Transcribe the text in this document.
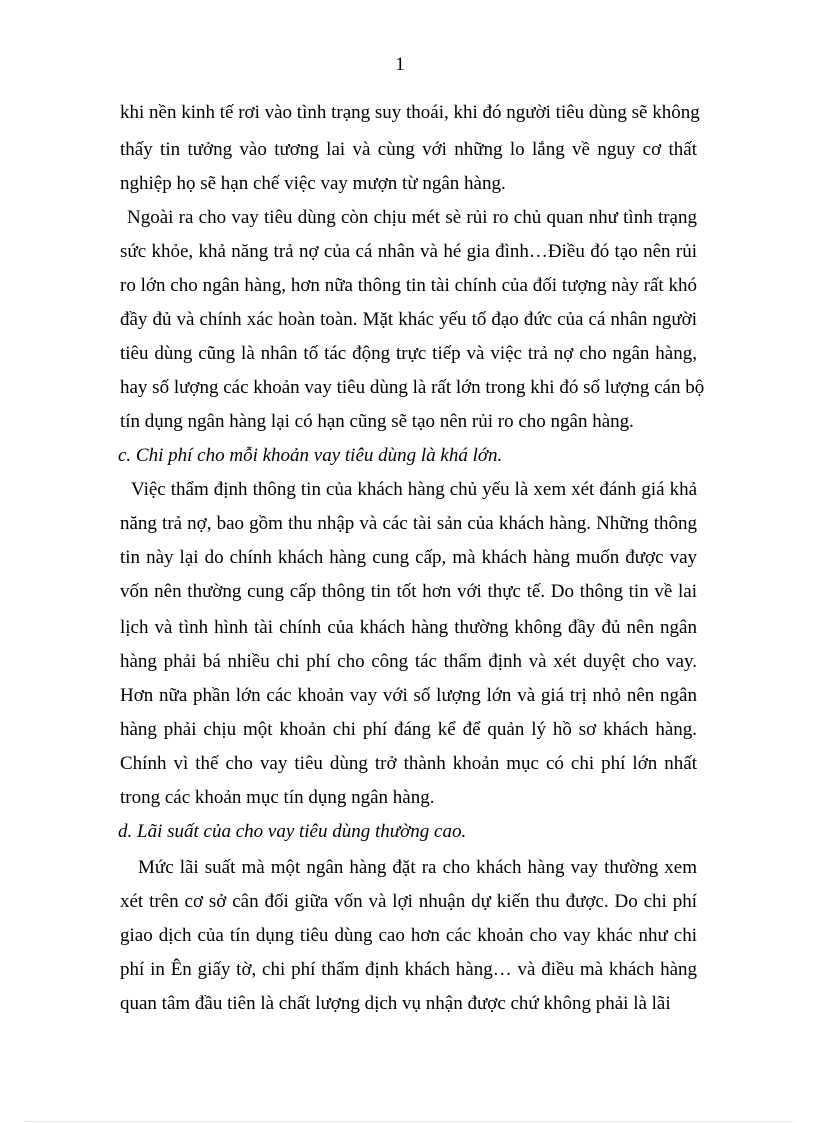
1
khi nền kinh tế rơi vào tình trạng suy thoái, khi đó người tiêu dùng sẽ không
thấy tin tưởng vào tương lai và cùng với những lo lắng về nguy cơ thất
nghiệp họ sẽ hạn chế việc vay mượn từ ngân hàng.
Ngoài ra cho vay tiêu dùng còn chịu mét sè rủi ro chủ quan như tình trạng
sức khỏe, khả năng trả nợ của cá nhân và hé gia đình…Điều đó tạo nên rủi
ro lớn cho ngân hàng, hơn nữa thông tin tài chính của đối tượng này rất khó
đầy đủ và chính xác hoàn toàn. Mặt khác yếu tố đạo đức của cá nhân người
tiêu dùng cũng là nhân tố tác động trực tiếp và việc trả nợ cho ngân hàng,
hay số lượng các khoản vay tiêu dùng là rất lớn trong khi đó số lượng cán bộ
tín dụng ngân hàng lại có hạn cũng sẽ tạo nên rủi ro cho ngân hàng.
c. Chi phí cho mỗi khoản vay tiêu dùng là khá lớn.
Việc thẩm định thông tin của khách hàng chủ yếu là xem xét đánh giá khả
năng trả nợ, bao gồm thu nhập và các tài sản của khách hàng. Những thông
tin này lại do chính khách hàng cung cấp, mà khách hàng muốn được vay
vốn nên thường cung cấp thông tin tốt hơn với thực tế. Do thông tin về lai
lịch và tình hình tài chính của khách hàng thường không đầy đủ nên ngân
hàng phải bá nhiều chi phí cho công tác thẩm định và xét duyệt cho vay.
Hơn nữa phần lớn các khoản vay với số lượng lớn và giá trị nhỏ nên ngân
hàng phải chịu một khoản chi phí đáng kể để quản lý hồ sơ khách hàng.
Chính vì thế cho vay tiêu dùng trở thành khoản mục có chi phí lớn nhất
trong các khoản mục tín dụng ngân hàng.
d. Lãi suất của cho vay tiêu dùng thường cao.
Mức lãi suất mà một ngân hàng đặt ra cho khách hàng vay thường xem
xét trên cơ sở cân đối giữa vốn và lợi nhuận dự kiến thu được. Do chi phí
giao dịch của tín dụng tiêu dùng cao hơn các khoản cho vay khác như chi
phí in Ên giấy tờ, chi phí thẩm định khách hàng… và điều mà khách hàng
quan tâm đầu tiên là chất lượng dịch vụ nhận được chứ không phải là lãi
